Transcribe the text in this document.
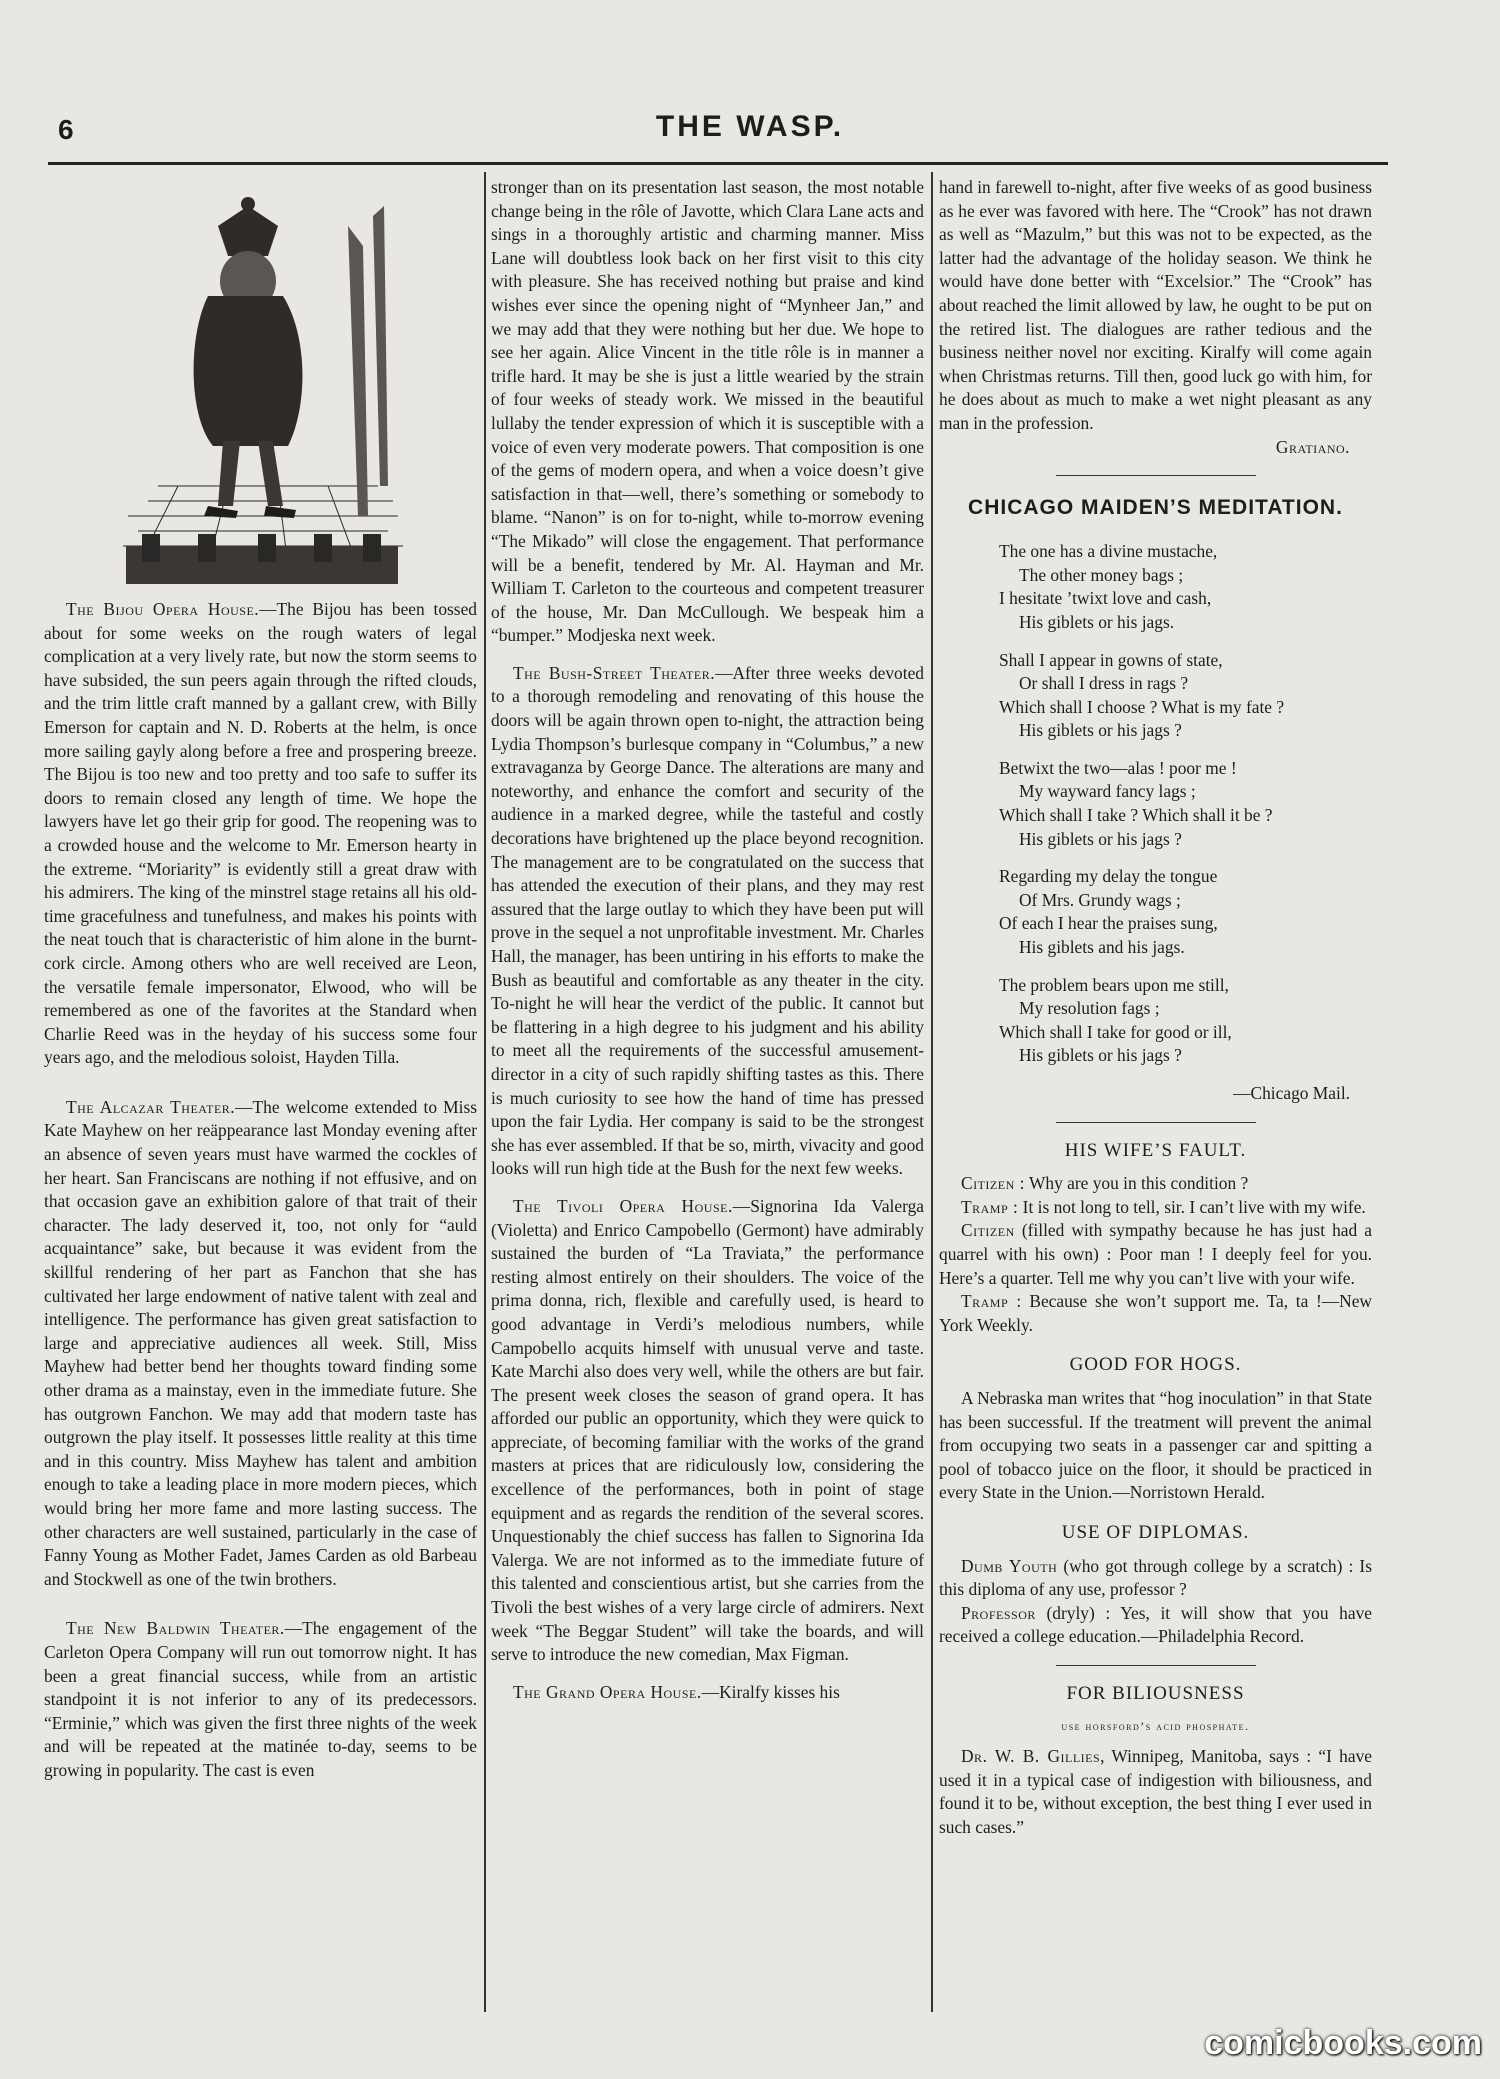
6	THE WASP.

The Bijou Opera House.—The Bijou has been tossed about for some weeks on the rough waters of legal complication at a very lively rate, but now the storm seems to have subsided, the sun peers again through the rifted clouds, and the trim little craft manned by a gallant crew, with Billy Emerson for captain and N. D. Roberts at the helm, is once more sailing gayly along before a free and prospering breeze. The Bijou is too new and too pretty and too safe to suffer its doors to remain closed any length of time. We hope the lawyers have let go their grip for good. The reopening was to a crowded house and the welcome to Mr. Emerson hearty in the extreme. “Moriarity” is evidently still a great draw with his admirers. The king of the minstrel stage retains all his old-time gracefulness and tunefulness, and makes his points with the neat touch that is characteristic of him alone in the burnt-cork circle. Among others who are well received are Leon, the versatile female impersonator, Elwood, who will be remembered as one of the favorites at the Standard when Charlie Reed was in the heyday of his success some four years ago, and the melodious soloist, Hayden Tilla.

The Alcazar Theater.—The welcome extended to Miss Kate Mayhew on her reäppearance last Monday evening after an absence of seven years must have warmed the cockles of her heart. San Franciscans are nothing if not effusive, and on that occasion gave an exhibition galore of that trait of their character. The lady deserved it, too, not only for “auld acquaintance” sake, but because it was evident from the skillful rendering of her part as Fanchon that she has cultivated her large endowment of native talent with zeal and intelligence. The performance has given great satisfaction to large and appreciative audiences all week. Still, Miss Mayhew had better bend her thoughts toward finding some other drama as a mainstay, even in the immediate future. She has outgrown Fanchon. We may add that modern taste has outgrown the play itself. It possesses little reality at this time and in this country. Miss Mayhew has talent and ambition enough to take a leading place in more modern pieces, which would bring her more fame and more lasting success. The other characters are well sustained, particularly in the case of Fanny Young as Mother Fadet, James Carden as old Barbeau and Stockwell as one of the twin brothers.

The New Baldwin Theater.—The engagement of the Carleton Opera Company will run out tomorrow night. It has been a great financial success, while from an artistic standpoint it is not inferior to any of its predecessors. “Erminie,” which was given the first three nights of the week and will be repeated at the matinée to-day, seems to be growing in popularity. The cast is even

stronger than on its presentation last season, the most notable change being in the rôle of Javotte, which Clara Lane acts and sings in a thoroughly artistic and charming manner. Miss Lane will doubtless look back on her first visit to this city with pleasure. She has received nothing but praise and kind wishes ever since the opening night of “Mynheer Jan,” and we may add that they were nothing but her due. We hope to see her again. Alice Vincent in the title rôle is in manner a trifle hard. It may be she is just a little wearied by the strain of four weeks of steady work. We missed in the beautiful lullaby the tender expression of which it is susceptible with a voice of even very moderate powers. That composition is one of the gems of modern opera, and when a voice doesn’t give satisfaction in that—well, there’s something or somebody to blame. “Nanon” is on for to-night, while to-morrow evening “The Mikado” will close the engagement. That performance will be a benefit, tendered by Mr. Al. Hayman and Mr. William T. Carleton to the courteous and competent treasurer of the house, Mr. Dan McCullough. We bespeak him a “bumper.” Modjeska next week.

The Bush-Street Theater.—After three weeks devoted to a thorough remodeling and renovating of this house the doors will be again thrown open to-night, the attraction being Lydia Thompson’s burlesque company in “Columbus,” a new extravaganza by George Dance. The alterations are many and noteworthy, and enhance the comfort and security of the audience in a marked degree, while the tasteful and costly decorations have brightened up the place beyond recognition. The management are to be congratulated on the success that has attended the execution of their plans, and they may rest assured that the large outlay to which they have been put will prove in the sequel a not unprofitable investment. Mr. Charles Hall, the manager, has been untiring in his efforts to make the Bush as beautiful and comfortable as any theater in the city. To-night he will hear the verdict of the public. It cannot but be flattering in a high degree to his judgment and his ability to meet all the requirements of the successful amusement-director in a city of such rapidly shifting tastes as this. There is much curiosity to see how the hand of time has pressed upon the fair Lydia. Her company is said to be the strongest she has ever assembled. If that be so, mirth, vivacity and good looks will run high tide at the Bush for the next few weeks.

The Tivoli Opera House.—Signorina Ida Valerga (Violetta) and Enrico Campobello (Germont) have admirably sustained the burden of “La Traviata,” the performance resting almost entirely on their shoulders. The voice of the prima donna, rich, flexible and carefully used, is heard to good advantage in Verdi’s melodious numbers, while Campobello acquits himself with unusual verve and taste. Kate Marchi also does very well, while the others are but fair. The present week closes the season of grand opera. It has afforded our public an opportunity, which they were quick to appreciate, of becoming familiar with the works of the grand masters at prices that are ridiculously low, considering the excellence of the performances, both in point of stage equipment and as regards the rendition of the several scores. Unquestionably the chief success has fallen to Signorina Ida Valerga. We are not informed as to the immediate future of this talented and conscientious artist, but she carries from the Tivoli the best wishes of a very large circle of admirers. Next week “The Beggar Student” will take the boards, and will serve to introduce the new comedian, Max Figman.

The Grand Opera House.—Kiralfy kisses his

hand in farewell to-night, after five weeks of as good business as he ever was favored with here. The “Crook” has not drawn as well as “Mazulm,” but this was not to be expected, as the latter had the advantage of the holiday season. We think he would have done better with “Excelsior.” The “Crook” has about reached the limit allowed by law, he ought to be put on the retired list. The dialogues are rather tedious and the business neither novel nor exciting. Kiralfy will come again when Christmas returns. Till then, good luck go with him, for he does about as much to make a wet night pleasant as any man in the profession.

Gratiano.
CHICAGO MAIDEN’S MEDITATION.
The one has a divine mustache,
The other money bags ;
I hesitate ’twixt love and cash,
His giblets or his jags.
Shall I appear in gowns of state,
Or shall I dress in rags ?
Which shall I choose ? What is my fate ?
His giblets or his jags ?
Betwixt the two—alas ! poor me !
My wayward fancy lags ;
Which shall I take ? Which shall it be ?
His giblets or his jags ?
Regarding my delay the tongue
Of Mrs. Grundy wags ;
Of each I hear the praises sung,
His giblets and his jags.
The problem bears upon me still,
My resolution fags ;
Which shall I take for good or ill,
His giblets or his jags ?
—Chicago Mail.
HIS WIFE’S FAULT.

Citizen : Why are you in this condition ?

Tramp : It is not long to tell, sir. I can’t live with my wife.

Citizen (filled with sympathy because he has just had a quarrel with his own) : Poor man ! I deeply feel for you. Here’s a quarter. Tell me why you can’t live with your wife.

Tramp : Because she won’t support me. Ta, ta !—New York Weekly.

GOOD FOR HOGS.

A Nebraska man writes that “hog inoculation” in that State has been successful. If the treatment will prevent the animal from occupying two seats in a passenger car and spitting a pool of tobacco juice on the floor, it should be practiced in every State in the Union.—Norristown Herald.

USE OF DIPLOMAS.

Dumb Youth (who got through college by a scratch) : Is this diploma of any use, professor ?

Professor (dryly) : Yes, it will show that you have received a college education.—Philadelphia Record.

FOR BILIOUSNESS
use horsford’s acid phosphate.

Dr. W. B. Gillies, Winnipeg, Manitoba, says : “I have used it in a typical case of indigestion with biliousness, and found it to be, without exception, the best thing I ever used in such cases.”

comicbooks.com
